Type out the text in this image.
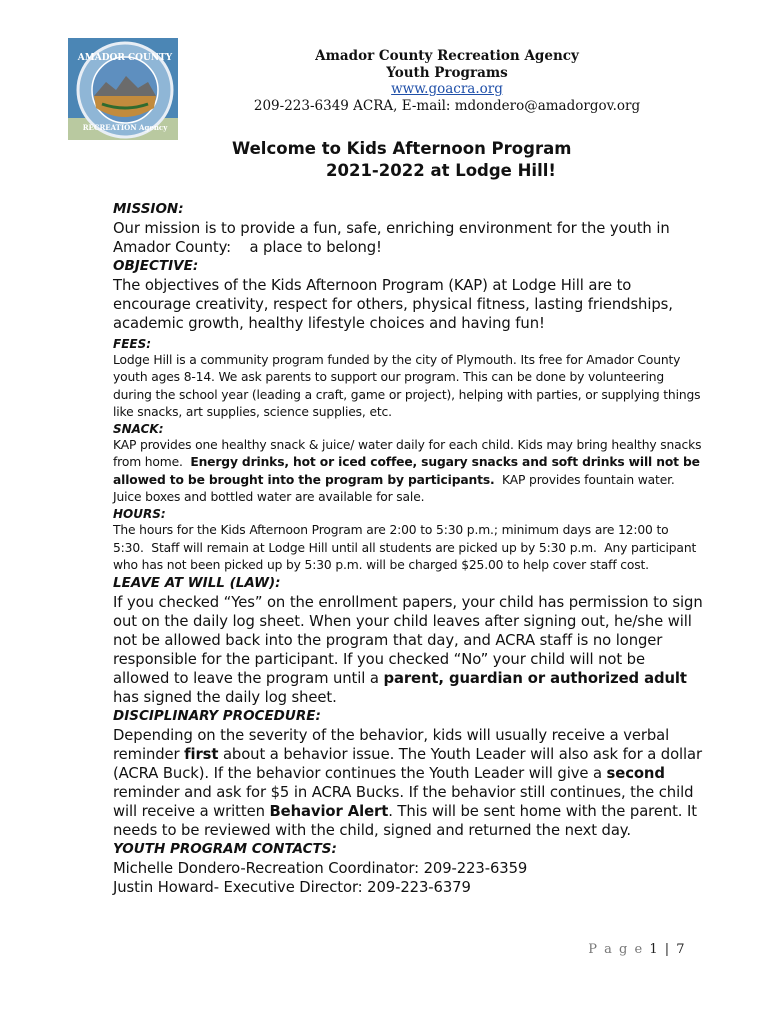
AMADOR COUNTY
RECREATION Agency
Amador County Recreation Agency
Youth Programs
www.goacra.org
209-223-6349 ACRA, E-mail: mdondero@amadorgov.org
Welcome to Kids Afternoon Program
2021-2022 at Lodge Hill!
MISSION:

Our mission is to provide a fun, safe, enriching environment for the youth in Amador County:    a place to belong!

OBJECTIVE:

The objectives of the Kids Afternoon Program (KAP) at Lodge Hill are to encourage creativity, respect for others, physical fitness, lasting friendships, academic growth, healthy lifestyle choices and having fun!

FEES:

Lodge Hill is a community program funded by the city of Plymouth. Its free for Amador County youth ages 8-14. We ask parents to support our program. This can be done by volunteering during the school year (leading a craft, game or project), helping with parties, or supplying things like snacks, art supplies, science supplies, etc.

SNACK:

KAP provides one healthy snack & juice/ water daily for each child. Kids may bring healthy snacks from home.  Energy drinks, hot or iced coffee, sugary snacks and soft drinks will not be allowed to be brought into the program by participants.  KAP provides fountain water.  Juice boxes and bottled water are available for sale.

HOURS:

The hours for the Kids Afternoon Program are 2:00 to 5:30 p.m.; minimum days are 12:00 to 5:30.  Staff will remain at Lodge Hill until all students are picked up by 5:30 p.m.  Any participant who has not been picked up by 5:30 p.m. will be charged $25.00 to help cover staff cost.

LEAVE AT WILL (LAW):

If you checked “Yes” on the enrollment papers, your child has permission to sign out on the daily log sheet. When your child leaves after signing out, he/she will not be allowed back into the program that day, and ACRA staff is no longer responsible for the participant. If you checked “No” your child will not be allowed to leave the program until a parent, guardian or authorized adult has signed the daily log sheet.

DISCIPLINARY PROCEDURE:

Depending on the severity of the behavior, kids will usually receive a verbal reminder first about a behavior issue. The Youth Leader will also ask for a dollar (ACRA Buck). If the behavior continues the Youth Leader will give a second reminder and ask for $5 in ACRA Bucks. If the behavior still continues, the child will receive a written Behavior Alert. This will be sent home with the parent. It needs to be reviewed with the child, signed and returned the next day.

YOUTH PROGRAM CONTACTS:

Michelle Dondero-Recreation Coordinator: 209-223-6359

Justin Howard- Executive Director: 209-223-6379

P a g e 1 | 7
